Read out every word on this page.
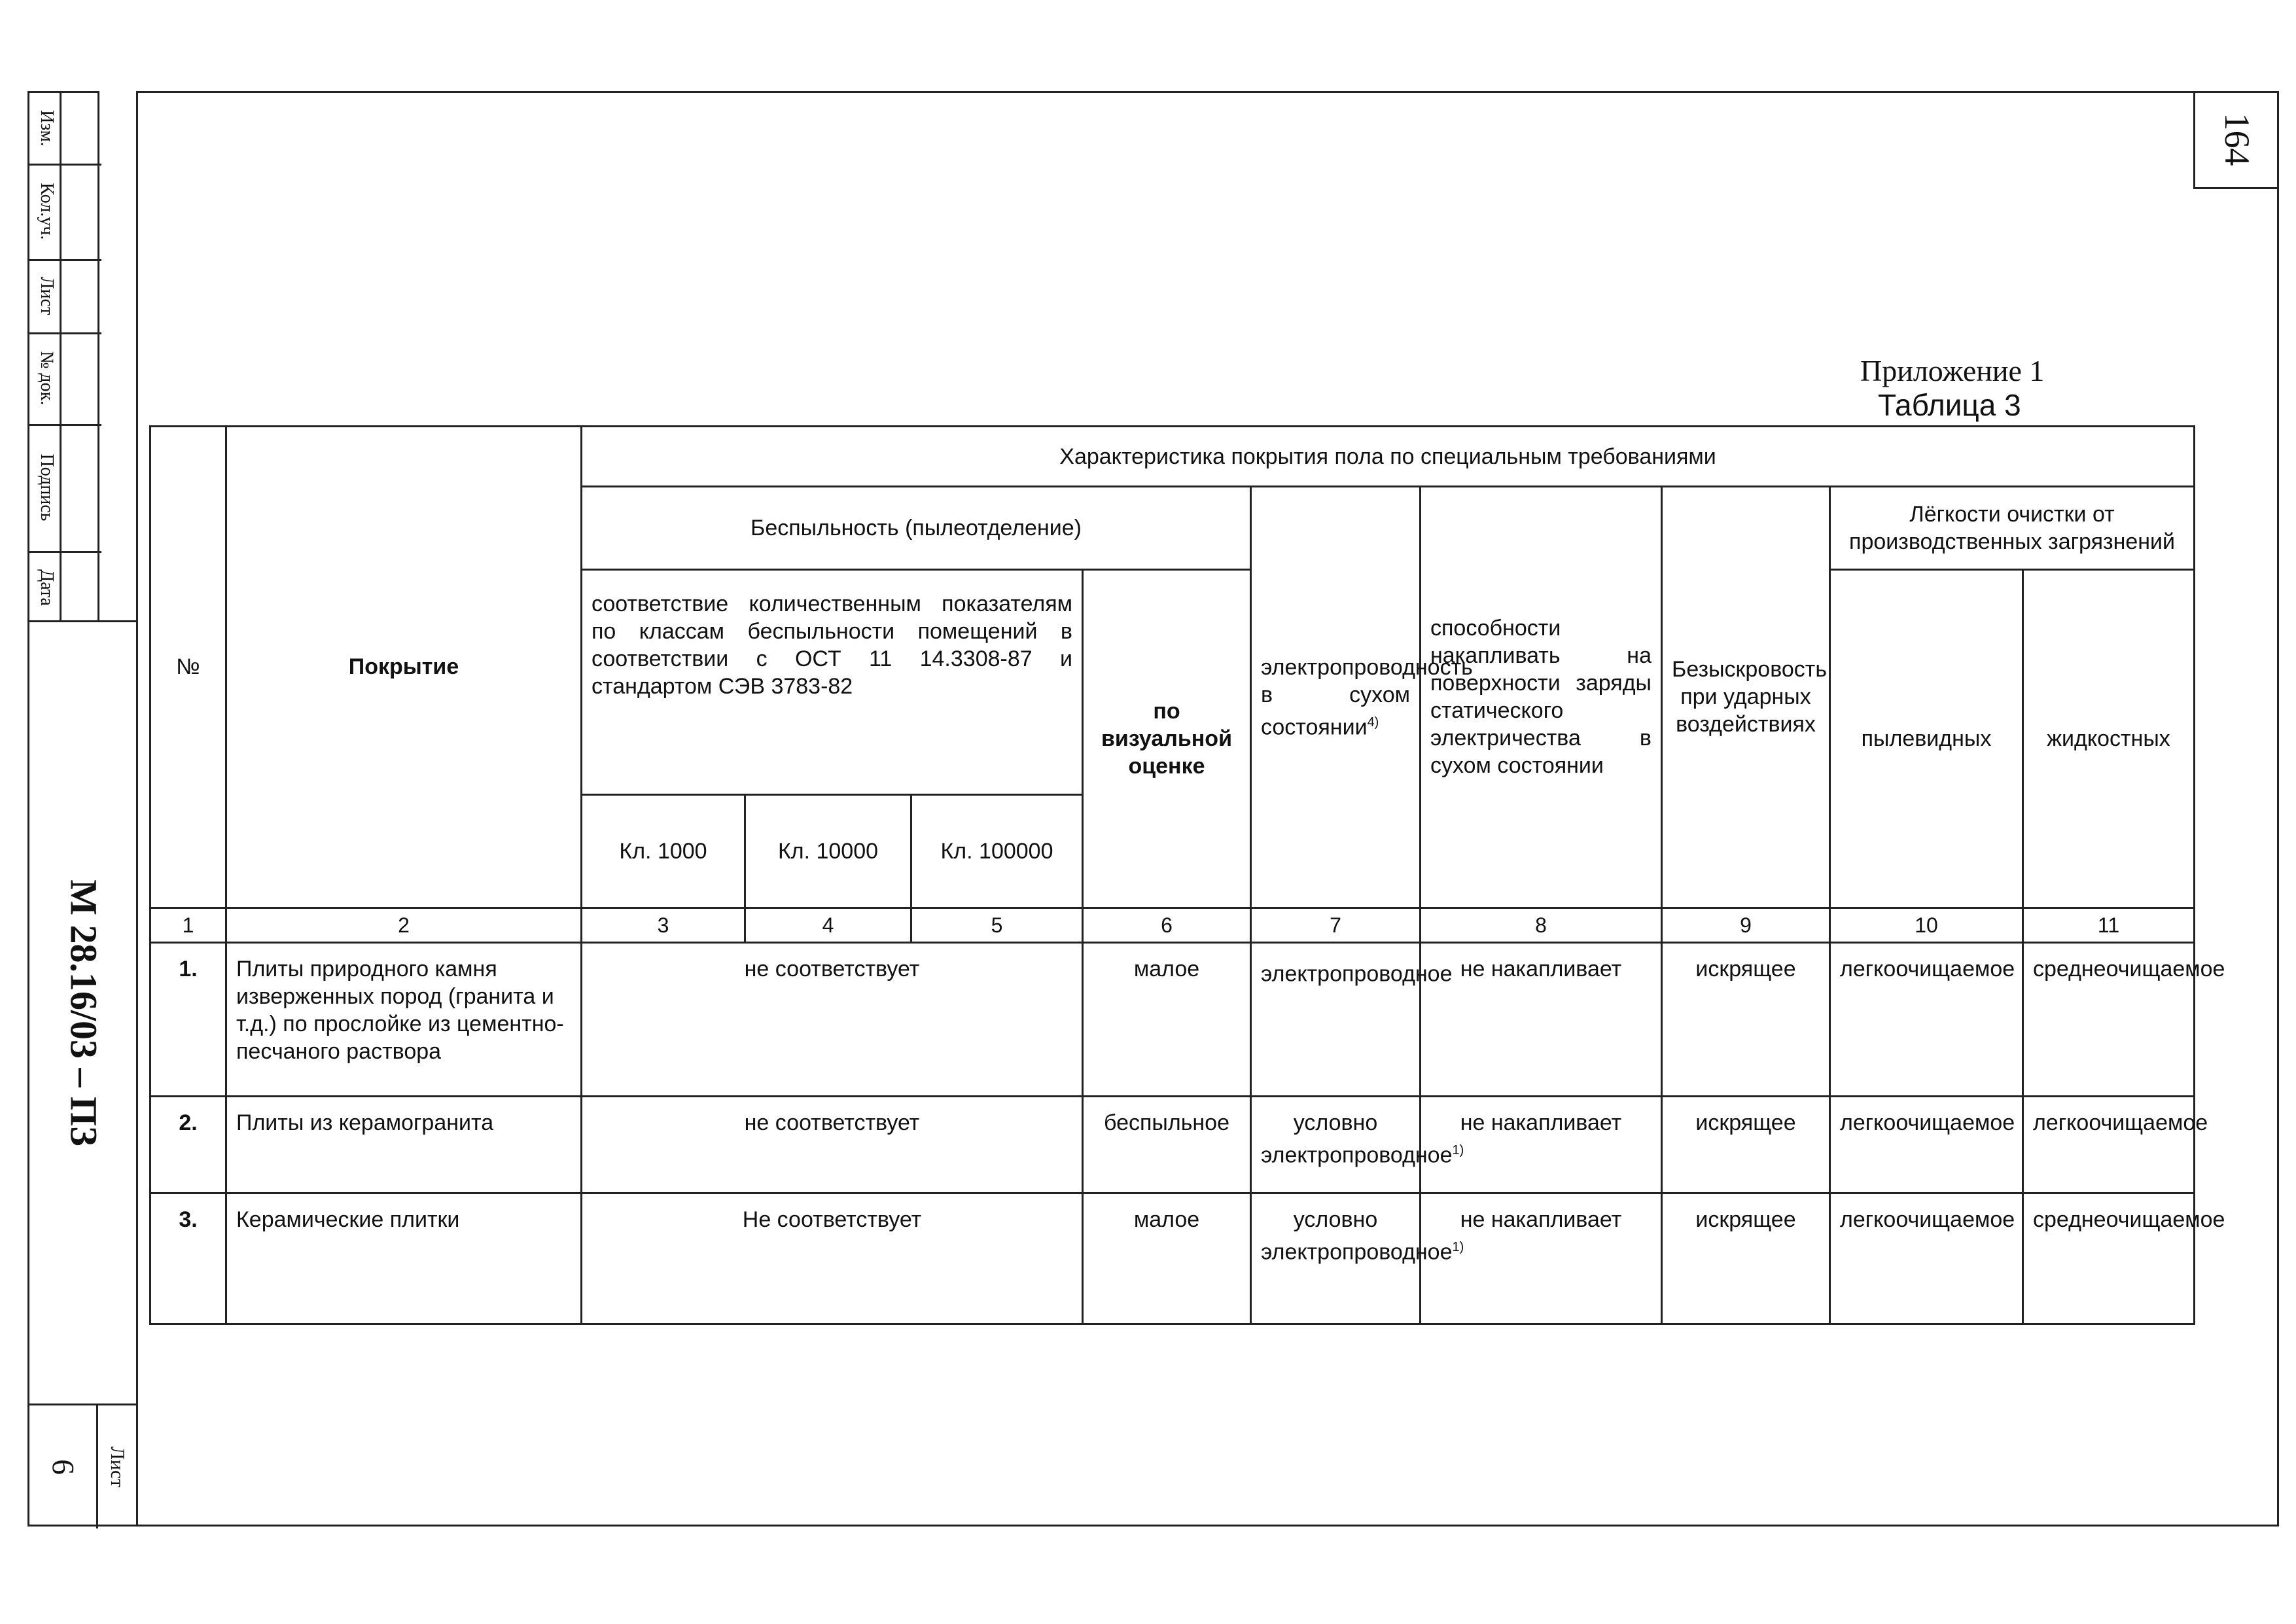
164
Изм.
Кол.уч.
Лист
№ док.
Подпись
Дата
М 28.16/03 – ПЗ
6 Лист
Приложение 1
Таблица 3
№	Покрытие	Характеристика покрытия пола по специальным требованиями								
		Беспыльность (пылеотделение)				электропроводность в сухом состоянии$^{4)}$	способности накапливать на поверхности заряды статического электричества в сухом состоянии	Безыскровость при ударных воздействиях	Лёгкости очистки от производственных загрязнений	
		соответствие количественным показателям по классам беспыльности помещений в соответствии с ОСТ 11 14.3308-87 и стандартом СЭВ 3783-82			по визуальной оценке				пылевидных	жидкостных
		Кл. 1000	Кл. 10000	Кл. 100000						
1	2	3	4	5	6	7	8	9	10	11
1.	Плиты природного камня изверженных пород (гранита и т.д.) по прослойке из цементно-песчаного раствора	не соответствует			малое	электропроводное	не накапливает	искрящее	легкоочищаемое	среднеочищаемое
2.	Плиты из керамогранита	не соответствует			беспыльное	условно электропроводное$^{1)}$	не накапливает	искрящее	легкоочищаемое	легкоочищаемое
3.	Керамические плитки	Не соответствует			малое	условно электропроводное$^{1)}$	не накапливает	искрящее	легкоочищаемое	среднеочищаемое
